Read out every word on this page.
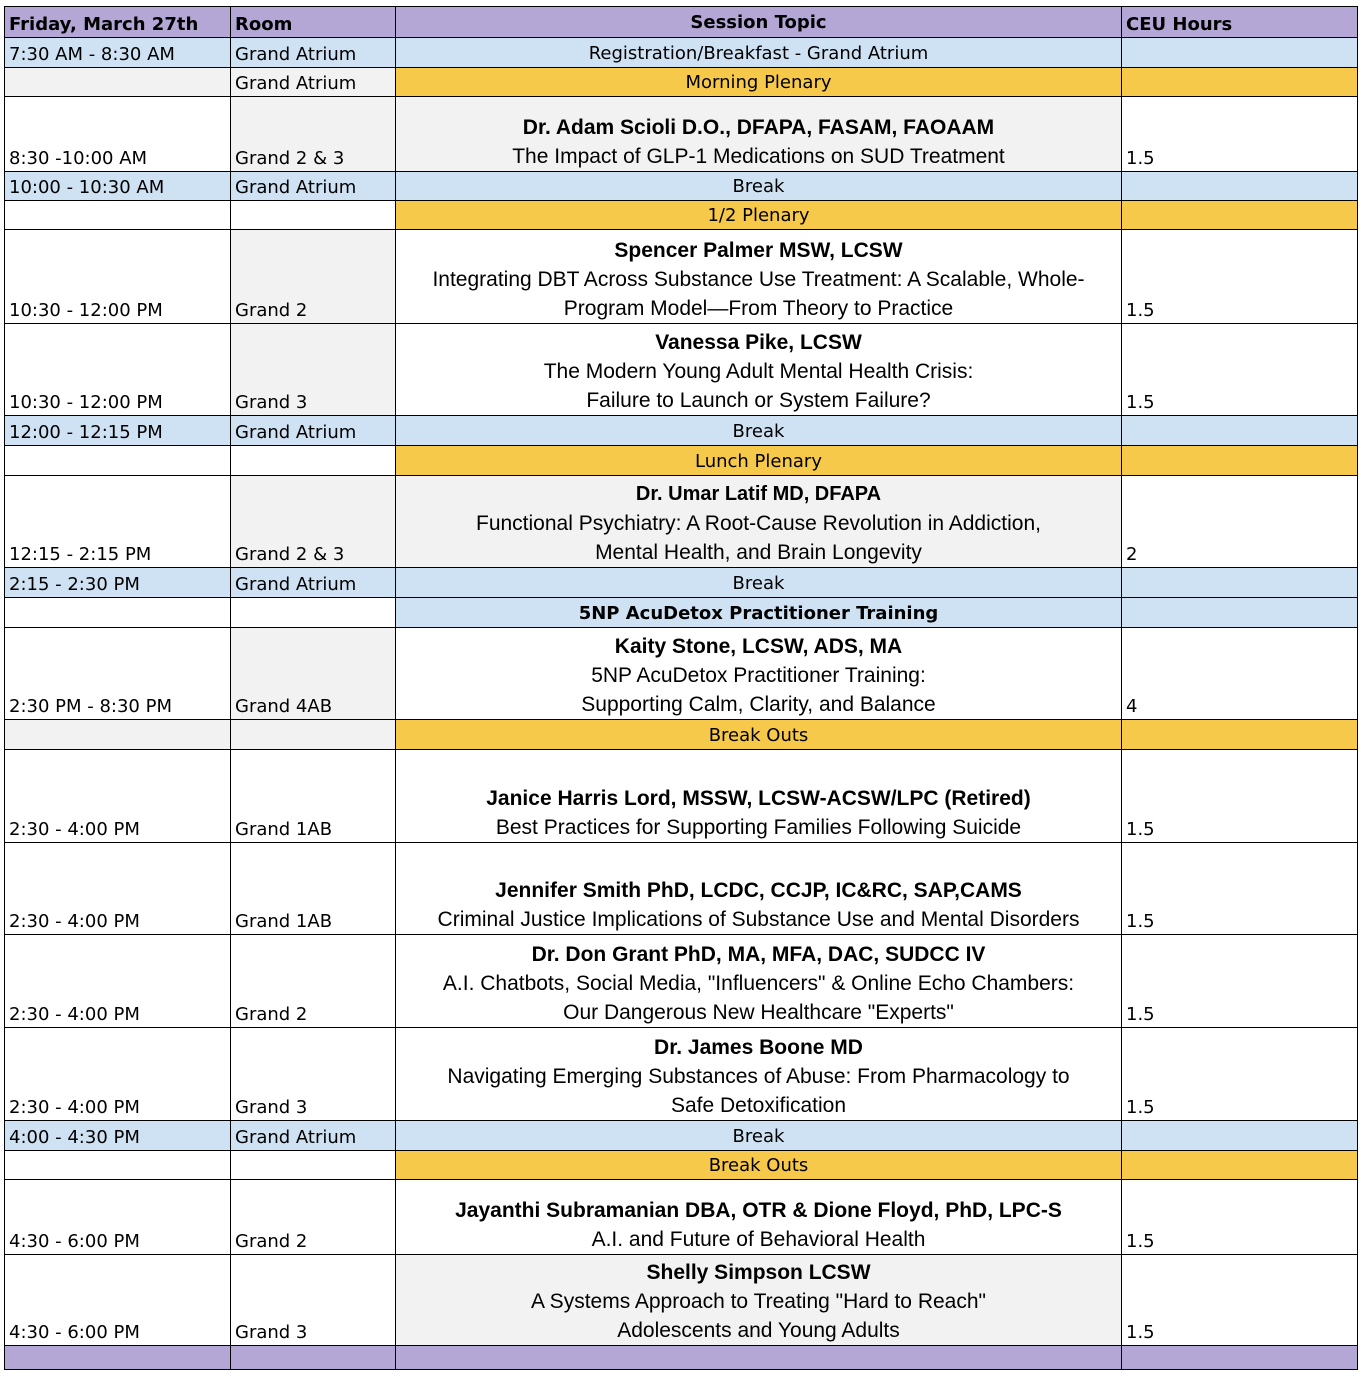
Friday, March 27th	Room	Session Topic	CEU Hours
7:30 AM - 8:30 AM	Grand Atrium	Registration/Breakfast - Grand Atrium	
	Grand Atrium	Morning Plenary	
8:30 -10:00 AM	Grand 2 & 3	Dr. Adam Scioli D.O., DFAPA, FASAM, FAOAAM
The Impact of GLP-1 Medications on SUD Treatment	1.5
10:00 - 10:30 AM	Grand Atrium	Break	
		1/2 Plenary	
10:30 - 12:00 PM	Grand 2	Spencer Palmer MSW, LCSW
Integrating DBT Across Substance Use Treatment: A Scalable, Whole-
Program Model—From Theory to Practice	1.5
10:30 - 12:00 PM	Grand 3	Vanessa Pike, LCSW
The Modern Young Adult Mental Health Crisis:
Failure to Launch or System Failure?	1.5
12:00 - 12:15 PM	Grand Atrium	Break	
		Lunch Plenary	
12:15 - 2:15 PM	Grand 2 & 3	Dr. Umar Latif MD, DFAPA
Functional Psychiatry: A Root-Cause Revolution in Addiction,
Mental Health, and Brain Longevity	2
2:15 - 2:30 PM	Grand Atrium	Break	
		5NP AcuDetox Practitioner Training	
2:30 PM - 8:30 PM	Grand 4AB	Kaity Stone, LCSW, ADS, MA
5NP AcuDetox Practitioner Training:
Supporting Calm, Clarity, and Balance	4
		Break Outs	
2:30 - 4:00 PM	Grand 1AB	Janice Harris Lord, MSSW, LCSW-ACSW/LPC (Retired)
Best Practices for Supporting Families Following Suicide	1.5
2:30 - 4:00 PM	Grand 1AB	Jennifer Smith PhD, LCDC, CCJP, IC&RC, SAP,CAMS
Criminal Justice Implications of Substance Use and Mental Disorders	1.5
2:30 - 4:00 PM	Grand 2	Dr. Don Grant PhD, MA, MFA, DAC, SUDCC IV
A.I. Chatbots, Social Media, "Influencers" & Online Echo Chambers:
Our Dangerous New Healthcare "Experts"	1.5
2:30 - 4:00 PM	Grand 3	Dr. James Boone MD
Navigating Emerging Substances of Abuse: From Pharmacology to
Safe Detoxification	1.5
4:00 - 4:30 PM	Grand Atrium	Break	
		Break Outs	
4:30 - 6:00 PM	Grand 2	Jayanthi Subramanian DBA, OTR & Dione Floyd, PhD, LPC-S
A.I. and Future of Behavioral Health	1.5
4:30 - 6:00 PM	Grand 3	Shelly Simpson LCSW
A Systems Approach to Treating "Hard to Reach"
Adolescents and Young Adults	1.5
